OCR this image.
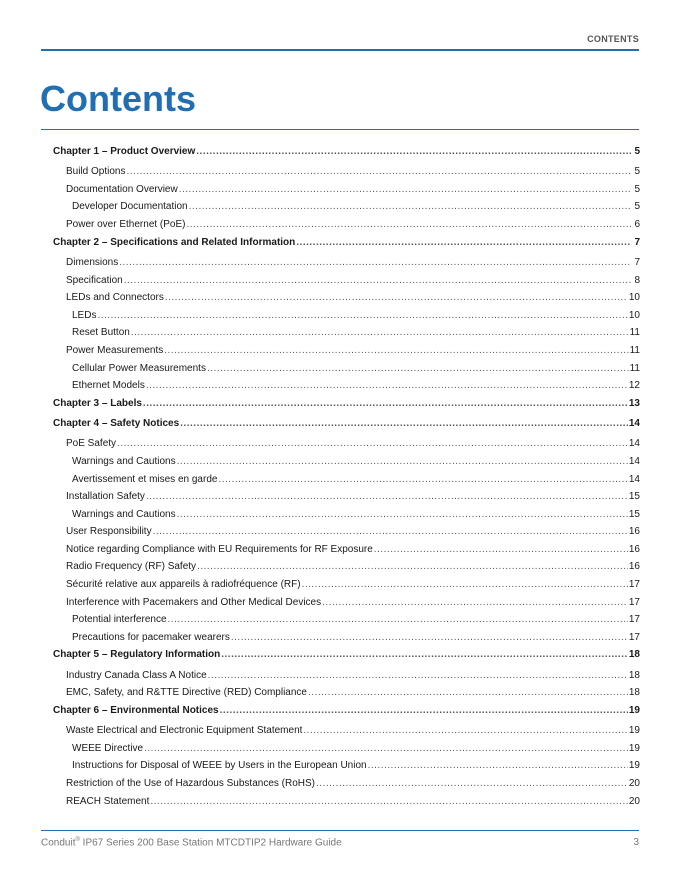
CONTENTS
Contents
Chapter 1 – Product Overview .....	5
Build Options .....	5
Documentation Overview .....	5
Developer Documentation .....	5
Power over Ethernet (PoE) .....	6
Chapter 2 – Specifications and Related Information .....	7
Dimensions .....	7
Specification .....	8
LEDs and Connectors .....	10
LEDs .....	10
Reset Button .....	11
Power Measurements .....	11
Cellular Power Measurements .....	11
Ethernet Models .....	12
Chapter 3 – Labels .....	13
Chapter 4 – Safety Notices .....	14
PoE Safety .....	14
Warnings and Cautions .....	14
Avertissement et mises en garde .....	14
Installation Safety .....	15
Warnings and Cautions .....	15
User Responsibility .....	16
Notice regarding Compliance with EU Requirements for RF Exposure .....	16
Radio Frequency (RF) Safety .....	16
Sécurité relative aux appareils à radiofréquence (RF) .....	17
Interference with Pacemakers and Other Medical Devices .....	17
Potential interference .....	17
Precautions for pacemaker wearers .....	17
Chapter 5 – Regulatory Information .....	18
Industry Canada Class A Notice .....	18
EMC, Safety, and R&TTE Directive (RED) Compliance .....	18
Chapter 6 – Environmental Notices .....	19
Waste Electrical and Electronic Equipment Statement .....	19
WEEE Directive .....	19
Instructions for Disposal of WEEE by Users in the European Union .....	19
Restriction of the Use of Hazardous Substances (RoHS) .....	20
REACH Statement .....	20
Conduit® IP67 Series 200 Base Station MTCDTIP2 Hardware Guide	3
